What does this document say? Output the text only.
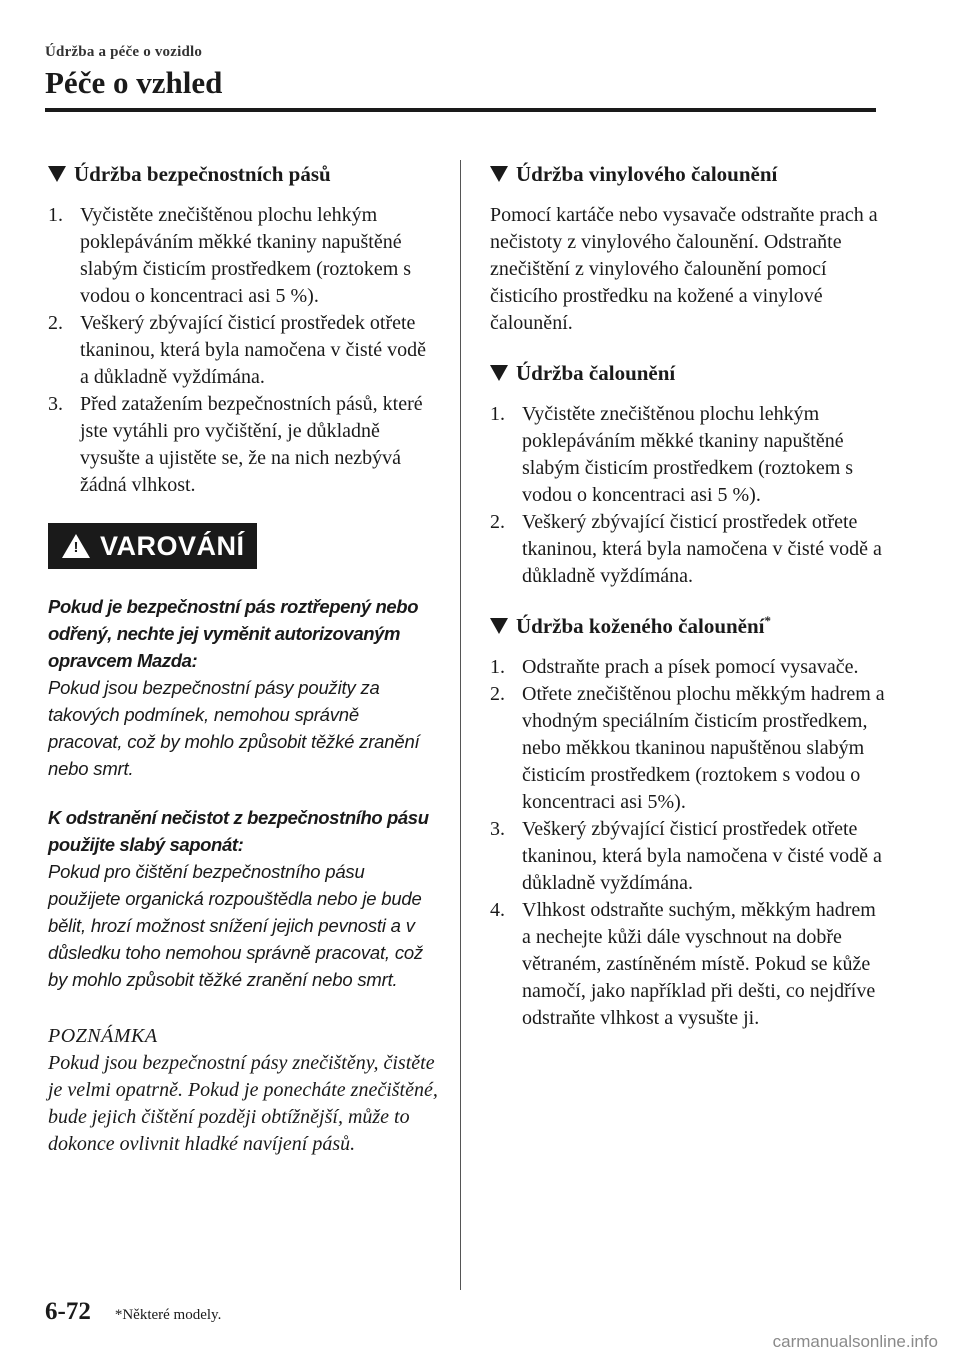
Údržba a péče o vozidlo
Péče o vzhled
Údržba bezpečnostních pásů
1. Vyčistěte znečištěnou plochu lehkým poklepáváním měkké tkaniny napuštěné slabým čisticím prostředkem (roztokem s vodou o koncentraci asi 5 %).
2. Veškerý zbývající čisticí prostředek otřete tkaninou, která byla namočena v čisté vodě a důkladně vyždímána.
3. Před zatažením bezpečnostních pásů, které jste vytáhli pro vyčištění, je důkladně vysušte a ujistěte se, že na nich nezbývá žádná vlhkost.
! VAROVÁNÍ
Pokud je bezpečnostní pás roztřepený nebo odřený, nechte jej vyměnit autorizovaným opravcem Mazda:
Pokud jsou bezpečnostní pásy použity za takových podmínek, nemohou správně pracovat, což by mohlo způsobit těžké zranění nebo smrt.
K odstranění nečistot z bezpečnostního pásu použijte slabý saponát:
Pokud pro čištění bezpečnostního pásu použijete organická rozpouštědla nebo je bude bělit, hrozí možnost snížení jejich pevnosti a v důsledku toho nemohou správně pracovat, což by mohlo způsobit těžké zranění nebo smrt.
POZNÁMKA
Pokud jsou bezpečnostní pásy znečištěny, čistěte je velmi opatrně. Pokud je ponecháte znečištěné, bude jejich čištění později obtížnější, může to dokonce ovlivnit hladké navíjení pásů.
Údržba vinylového čalounění

Pomocí kartáče nebo vysavače odstraňte prach a nečistoty z vinylového čalounění. Odstraňte znečištění z vinylového čalounění pomocí čisticího prostředku na kožené a vinylové čalounění.

Údržba čalounění
1. Vyčistěte znečištěnou plochu lehkým poklepáváním měkké tkaniny napuštěné slabým čisticím prostředkem (roztokem s vodou o koncentraci asi 5 %).
2. Veškerý zbývající čisticí prostředek otřete tkaninou, která byla namočena v čisté vodě a důkladně vyždímána.
Údržba koženého čalounění*
1. Odstraňte prach a písek pomocí vysavače.
2. Otřete znečištěnou plochu měkkým hadrem a vhodným speciálním čisticím prostředkem, nebo měkkou tkaninou napuštěnou slabým čisticím prostředkem (roztokem s vodou o koncentraci asi 5%).
3. Veškerý zbývající čisticí prostředek otřete tkaninou, která byla namočena v čisté vodě a důkladně vyždímána.
4. Vlhkost odstraňte suchým, měkkým hadrem a nechejte kůži dále vyschnout na dobře větraném, zastíněném místě. Pokud se kůže namočí, jako například při dešti, co nejdříve odstraňte vlhkost a vysušte ji.
6-72 *Některé modely.
carmanualsonline.info
